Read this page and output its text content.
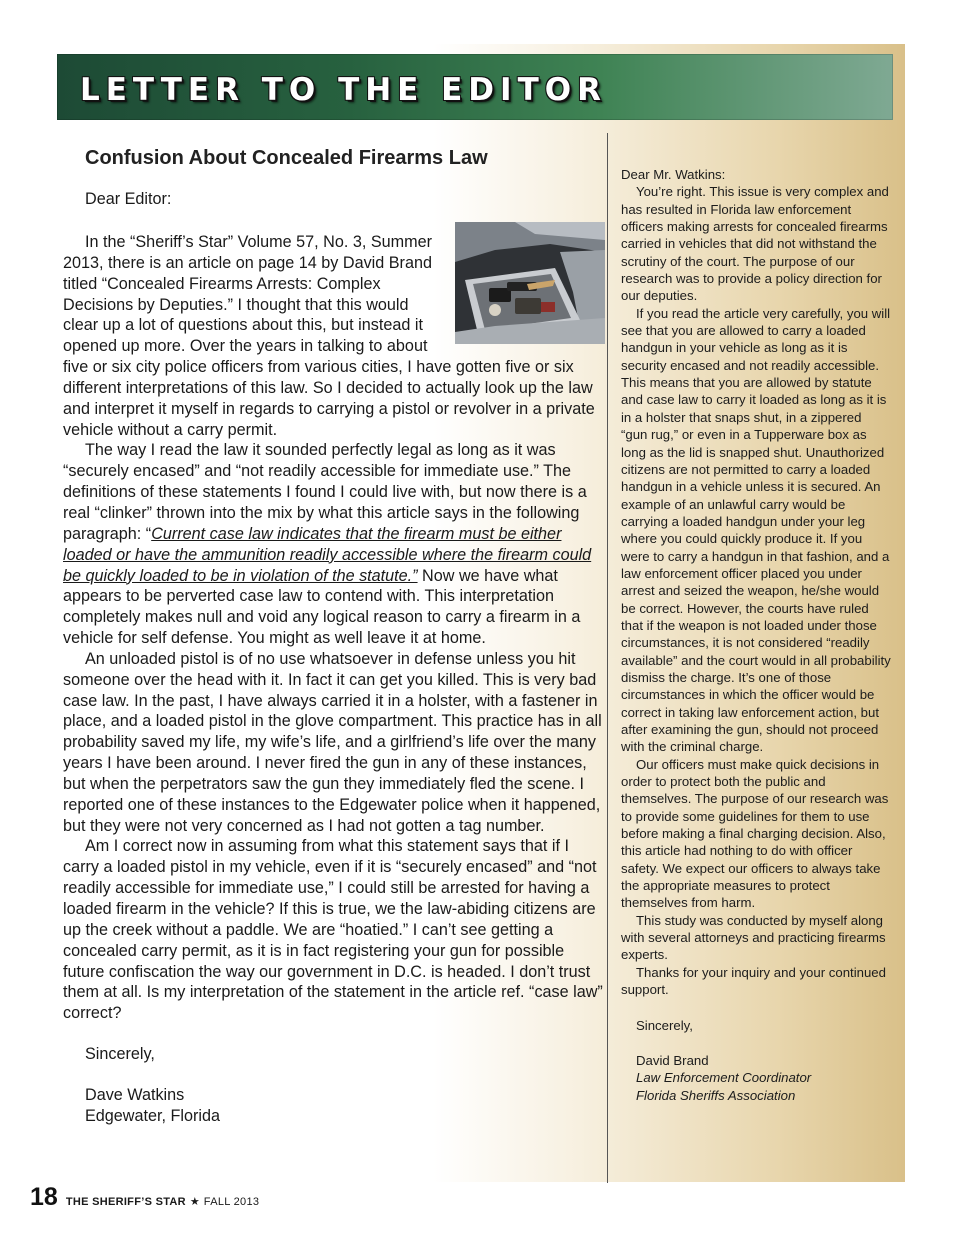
LETTER TO THE EDITOR
Confusion About Concealed Firearms Law
Dear Editor:

In the “Sheriff’s Star” Volume 57, No. 3, Summer 2013, there is an article on page 14 by David Brand titled “Concealed Firearms Arrests: Complex Decisions by Deputies.” I thought that this would clear up a lot of questions about this, but instead it opened up more. Over the years in talking to about five or six city police officers from various cities, I have gotten five or six different interpretations of this law. So I decided to actually look up the law and interpret it myself in regards to carrying a pistol or revolver in a private vehicle without a carry permit.

The way I read the law it sounded perfectly legal as long as it was “securely encased” and “not readily accessible for immediate use.” The definitions of these statements I found I could live with, but now there is a real “clinker” thrown into the mix by what this article says in the following paragraph: “Current case law indicates that the firearm must be either loaded or have the ammunition readily accessible where the firearm could be quickly loaded to be in violation of the statute.” Now we have what appears to be perverted case law to contend with. This interpretation completely makes null and void any logical reason to carry a firearm in a vehicle for self defense. You might as well leave it at home.

An unloaded pistol is of no use whatsoever in defense unless you hit someone over the head with it. In fact it can get you killed. This is very bad case law. In the past, I have always carried it in a holster, with a fastener in place, and a loaded pistol in the glove compartment. This practice has in all probability saved my life, my wife’s life, and a girlfriend’s life over the many years I have been around. I never fired the gun in any of these instances, but when the perpetrators saw the gun they immediately fled the scene. I reported one of these instances to the Edgewater police when it happened, but they were not very concerned as I had not gotten a tag number.

Am I correct now in assuming from what this statement says that if I carry a loaded pistol in my vehicle, even if it is “securely encased” and “not readily accessible for immediate use,” I could still be arrested for having a loaded firearm in the vehicle? If this is true, we the law-abiding citizens are up the creek without a paddle. We are “hoatied.” I can’t see getting a concealed carry permit, as it is in fact registering your gun for possible future confiscation the way our government in D.C. is headed. I don’t trust them at all. Is my interpretation of the statement in the article ref. “case law” correct?

Sincerely,
Dave Watkins
Edgewater, Florida

Dear Mr. Watkins:

You’re right. This issue is very complex and has resulted in Florida law enforcement officers making arrests for concealed firearms carried in vehicles that did not withstand the scrutiny of the court. The purpose of our research was to provide a policy direction for our deputies.

If you read the article very carefully, you will see that you are allowed to carry a loaded handgun in your vehicle as long as it is security encased and not readily accessible. This means that you are allowed by statute and case law to carry it loaded as long as it is in a holster that snaps shut, in a zippered “gun rug,” or even in a Tupperware box as long as the lid is snapped shut. Unauthorized citizens are not permitted to carry a loaded handgun in a vehicle unless it is secured. An example of an unlawful carry would be carrying a loaded handgun under your leg where you could quickly produce it. If you were to carry a handgun in that fashion, and a law enforcement officer placed you under arrest and seized the weapon, he/she would be correct. However, the courts have ruled that if the weapon is not loaded under those circumstances, it is not considered “readily available” and the court would in all probability dismiss the charge. It’s one of those circumstances in which the officer would be correct in taking law enforcement action, but after examining the gun, should not proceed with the criminal charge.

Our officers must make quick decisions in order to protect both the public and themselves. The purpose of our research was to provide some guidelines for them to use before making a final charging decision. Also, this article had nothing to do with officer safety. We expect our officers to always take the appropriate measures to protect themselves from harm.

This study was conducted by myself along with several attorneys and practicing firearms experts.

Thanks for your inquiry and your continued support.

Sincerely,
David Brand
Law Enforcement Coordinator
Florida Sheriffs Association
18 THE SHERIFF’S STAR ★ FALL 2013
